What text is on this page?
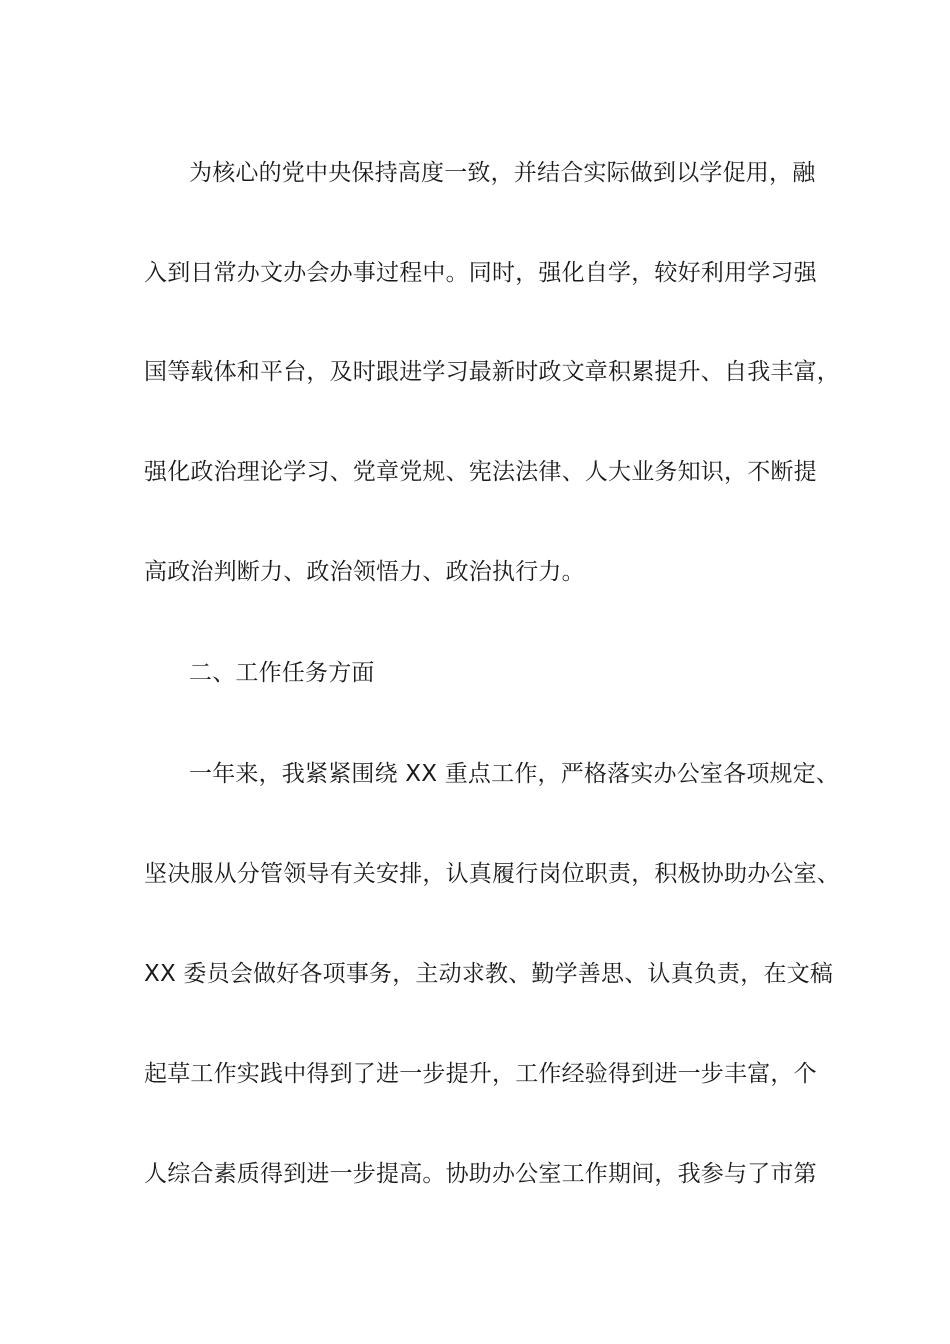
为核心的党中央保持高度一致，并结合实际做到以学促用，融
入到日常办文办会办事过程中。同时，强化自学，较好利用学习强
国等载体和平台，及时跟进学习最新时政文章积累提升、自我丰富，
强化政治理论学习、党章党规、宪法法律、人大业务知识，不断提
高政治判断力、政治领悟力、政治执行力。
二、工作任务方面
一年来，我紧紧围绕 XX 重点工作，严格落实办公室各项规定、
坚决服从分管领导有关安排，认真履行岗位职责，积极协助办公室、
XX 委员会做好各项事务，主动求教、勤学善思、认真负责，在文稿
起草工作实践中得到了进一步提升，工作经验得到进一步丰富，个
人综合素质得到进一步提高。协助办公室工作期间，我参与了市第
